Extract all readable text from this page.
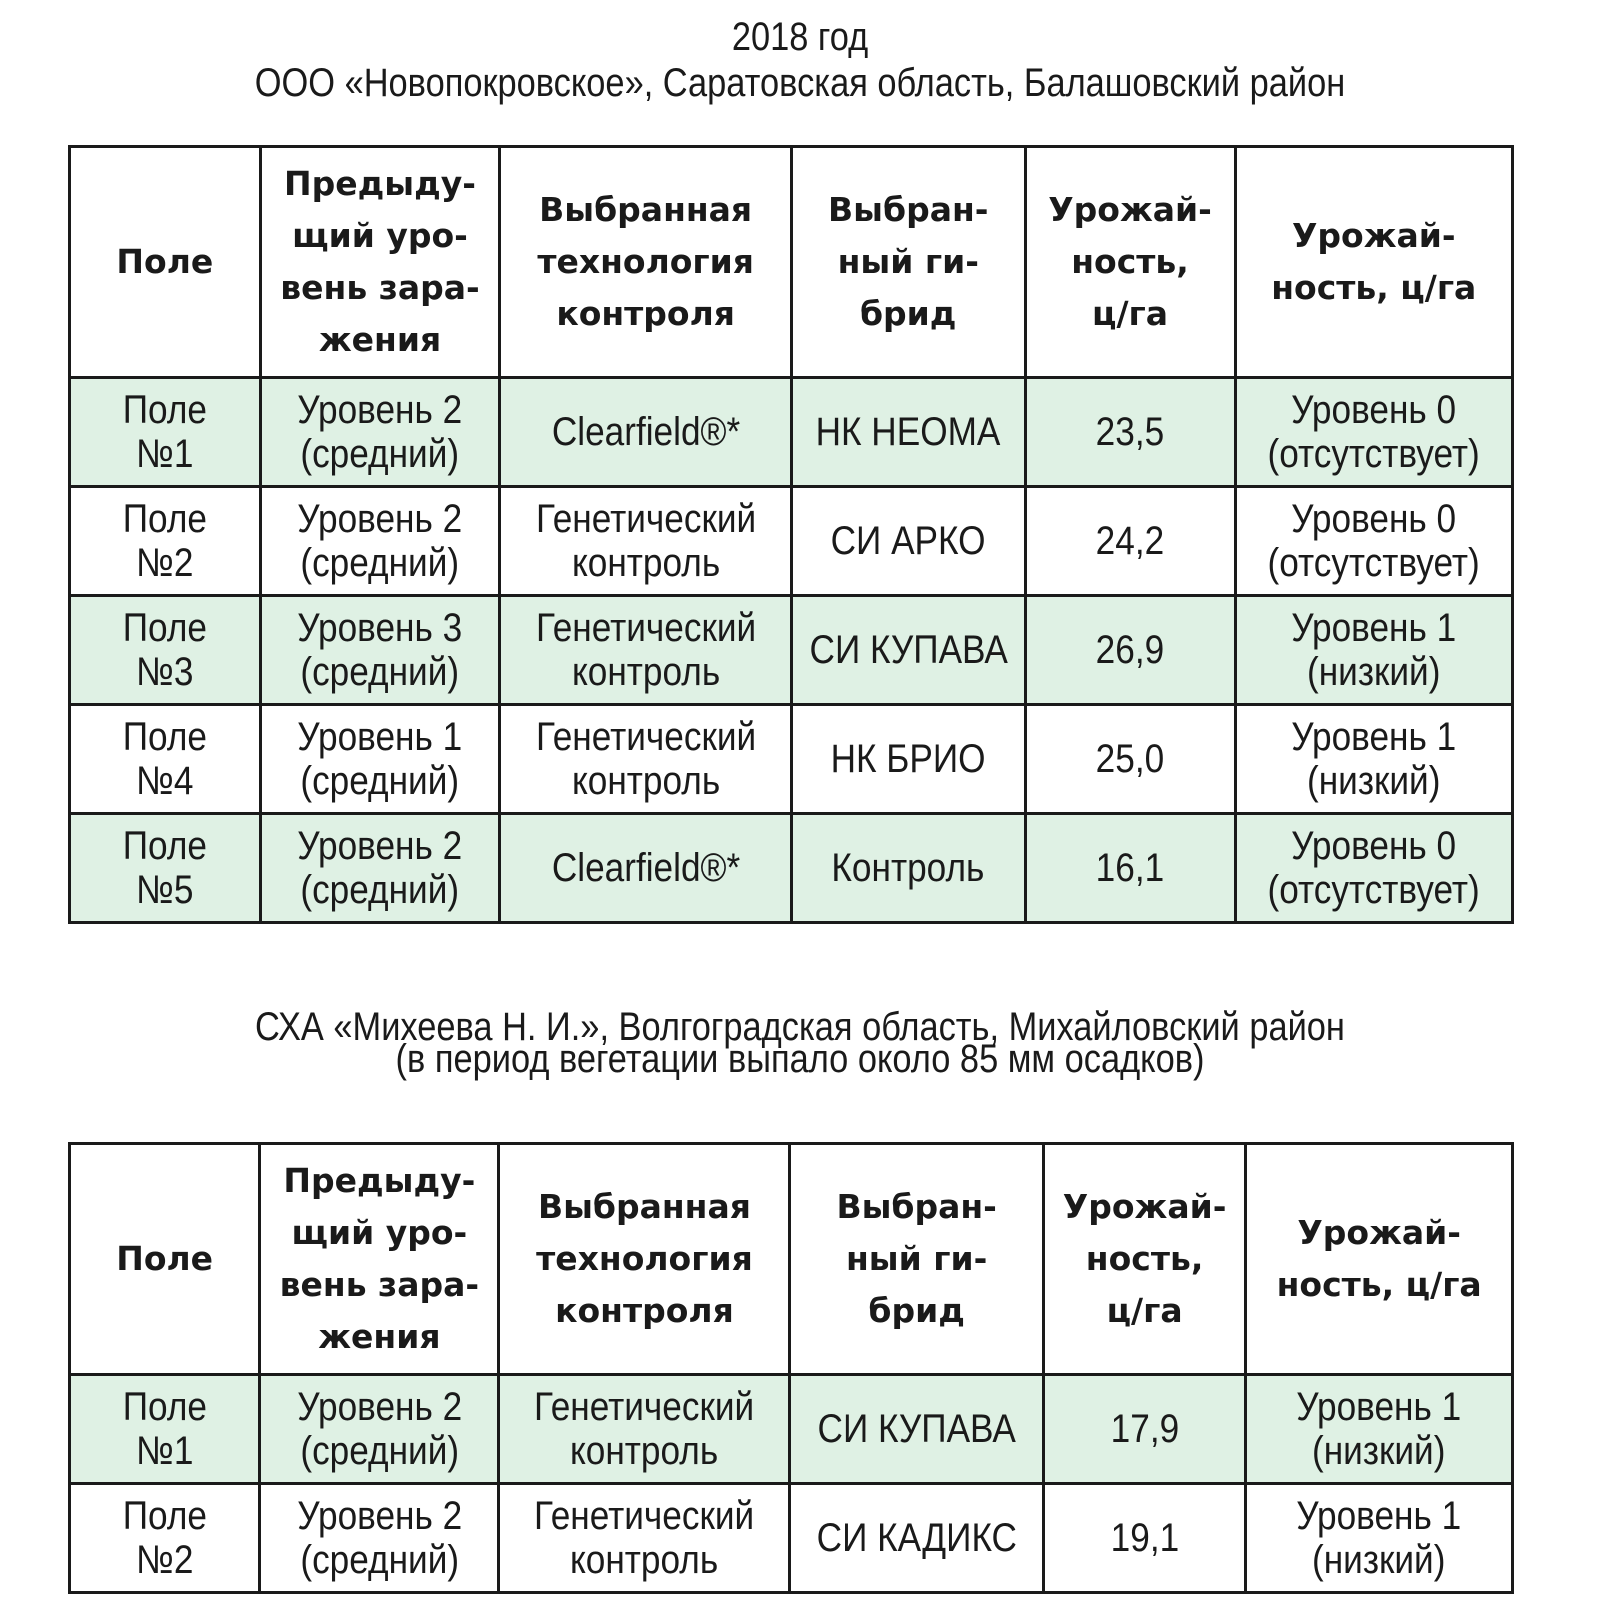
2018 год
ООО «Новопокровское», Саратовская область, Балашовский район
Поле	Предыду-
щий уро-
вень зара-
жения	Выбранная
технология
контроля	Выбран-
ный ги-
брид	Урожай-
ность,
ц/га	Урожай-
ность, ц/га
Поле
№1	Уровень 2
(средний)	Clearfield®*	НК НЕОМА	23,5	Уровень 0
(отсутствует)
Поле
№2	Уровень 2
(средний)	Генетический
контроль	СИ АРКО	24,2	Уровень 0
(отсутствует)
Поле
№3	Уровень 3
(средний)	Генетический
контроль	СИ КУПАВА	26,9	Уровень 1
(низкий)
Поле
№4	Уровень 1
(средний)	Генетический
контроль	НК БРИО	25,0	Уровень 1
(низкий)
Поле
№5	Уровень 2
(средний)	Clearfield®*	Контроль	16,1	Уровень 0
(отсутствует)
СХА «Михеева Н. И.», Волгоградская область, Михайловский район
(в период вегетации выпало около 85 мм осадков)
Поле	Предыду-
щий уро-
вень зара-
жения	Выбранная
технология
контроля	Выбран-
ный ги-
брид	Урожай-
ность,
ц/га	Урожай-
ность, ц/га
Поле
№1	Уровень 2
(средний)	Генетический
контроль	СИ КУПАВА	17,9	Уровень 1
(низкий)
Поле
№2	Уровень 2
(средний)	Генетический
контроль	СИ КАДИКС	19,1	Уровень 1
(низкий)
